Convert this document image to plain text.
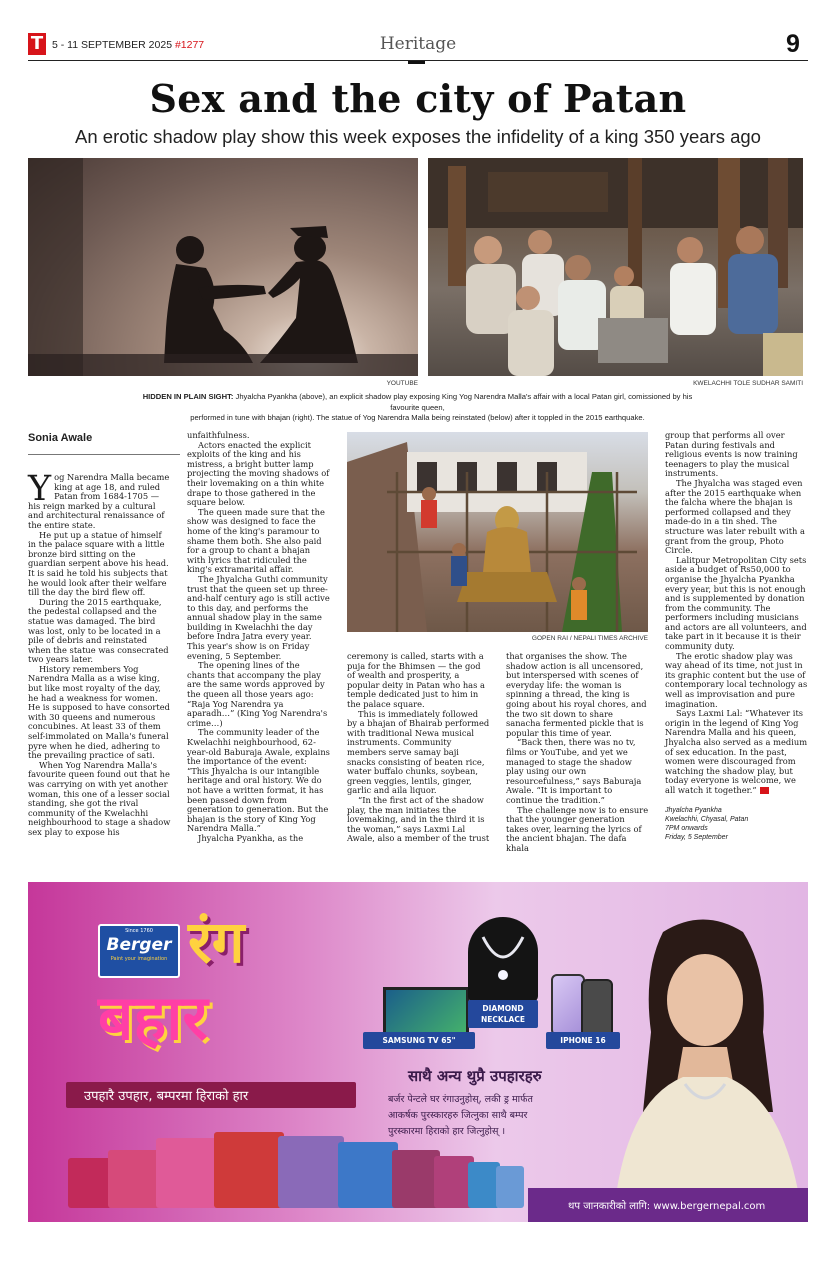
T 5 - 11 SEPTEMBER 2025 #1277	Heritage	9
Sex and the city of Patan
An erotic shadow play show this week exposes the infidelity of a king 350 years ago
YOUTUBE	KWELACHHI TOLE SUDHAR SAMITI
HIDDEN IN PLAIN SIGHT: Jhyalcha Pyankha (above), an explicit shadow play exposing King Yog Narendra Malla's affair with a local Patan girl, comissioned by his favourite queen,
performed in tune with bhajan (right). The statue of Yog Narendra Malla being reinstated (below) after it toppled in the 2015 earthquake.
Sonia Awale

Yog Narendra Malla became king at age 18, and ruled Patan from 1684-1705 — his reign marked by a cultural and architectural renaissance of the entire state.

He put up a statue of himself in the palace square with a little bronze bird sitting on the guardian serpent above his head. It is said he told his subjects that he would look after their welfare till the day the bird flew off.

During the 2015 earthquake, the pedestal collapsed and the statue was damaged. The bird was lost, only to be located in a pile of debris and reinstated when the statue was consecrated two years later.

History remembers Yog Narendra Malla as a wise king, but like most royalty of the day, he had a weakness for women. He is supposed to have consorted with 30 queens and numerous concubines. At least 33 of them self-immolated on Malla's funeral pyre when he died, adhering to the prevailing practice of sati.

When Yog Narendra Malla's favourite queen found out that he was carrying on with yet another woman, this one of a lesser social standing, she got the rival community of the Kwelachhi neighbourhood to stage a shadow sex play to expose his

unfaithfulness.

Actors enacted the explicit exploits of the king and his mistress, a bright butter lamp projecting the moving shadows of their lovemaking on a thin white drape to those gathered in the square below.

The queen made sure that the show was designed to face the home of the king's paramour to shame them both. She also paid for a group to chant a bhajan with lyrics that ridiculed the king's extramarital affair.

The Jhyalcha Guthi community trust that the queen set up three-and-half century ago is still active to this day, and performs the annual shadow play in the same building in Kwelachhi the day before Indra Jatra every year. This year's show is on Friday evening, 5 September.

The opening lines of the chants that accompany the play are the same words approved by the queen all those years ago: “Raja Yog Narendra ya aparadh…” (King Yog Narendra's crime…)

The community leader of the Kwelachhi neighbourhood, 62-year-old Baburaja Awale, explains the importance of the event: “This Jhyalcha is our intangible heritage and oral history. We do not have a written format, it has been passed down from generation to generation. But the bhajan is the story of King Yog Narendra Malla.”

Jhyalcha Pyankha, as the

GOPEN RAI / NEPALI TIMES ARCHIVE

ceremony is called, starts with a puja for the Bhimsen — the god of wealth and prosperity, a popular deity in Patan who has a temple dedicated just to him in the palace square.

This is immediately followed by a bhajan of Bhairab performed with traditional Newa musical instruments. Community members serve samay baji snacks consisting of beaten rice, water buffalo chunks, soybean, green veggies, lentils, ginger, garlic and aila liquor.

“In the first act of the shadow play, the man initiates the lovemaking, and in the third it is the woman,” says Laxmi Lal Awale, also a member of the trust

that organises the show. The shadow action is all uncensored, but interspersed with scenes of everyday life: the woman is spinning a thread, the king is going about his royal chores, and the two sit down to share sanacha fermented pickle that is popular this time of year.

“Back then, there was no tv, films or YouTube, and yet we managed to stage the shadow play using our own resourcefulness,” says Baburaja Awale. “It is important to continue the tradition.”

The challenge now is to ensure that the younger generation takes over, learning the lyrics of the ancient bhajan. The dafa khala

group that performs all over Patan during festivals and religious events is now training teenagers to play the musical instruments.

The Jhyalcha was staged even after the 2015 earthquake when the falcha where the bhajan is performed collapsed and they made-do in a tin shed. The structure was later rebuilt with a grant from the group, Photo Circle.

Lalitpur Metropolitan City sets aside a budget of Rs50,000 to organise the Jhyalcha Pyankha every year, but this is not enough and is supplemented by donation from the community. The performers including musicians and actors are all volunteers, and take part in it because it is their community duty.

The erotic shadow play was way ahead of its time, not just in its graphic content but the use of contemporary local technology as well as improvisation and pure imagination.

Says Laxmi Lal: “Whatever its origin in the legend of King Yog Narendra Malla and his queen, Jhyalcha also served as a medium of sex education. In the past, women were discouraged from watching the shadow play, but today everyone is welcome, we all watch it together.”

Jhyalcha Pyankha
Kwelachhi, Chyasal, Patan
7PM onwards
Friday, 5 September
Since 1760
Berger
Paint your imagination रंग
बहार
उपहारै उपहार, बम्परमा हिराको हार
SAMSUNG TV 65"
DIAMOND NECKLACE
IPHONE 16
साथै अन्य थुप्रै उपहारहरु
बर्जर पेन्टले घर रंगाउनुहोस्, लकी ड्र मार्फत
आकर्षक पुरस्कारहरु जित्नुका साथै बम्पर
पुरस्कारमा हिराको हार जित्नुहोस् ।
थप जानकारीको लागि: www.bergernepal.com
